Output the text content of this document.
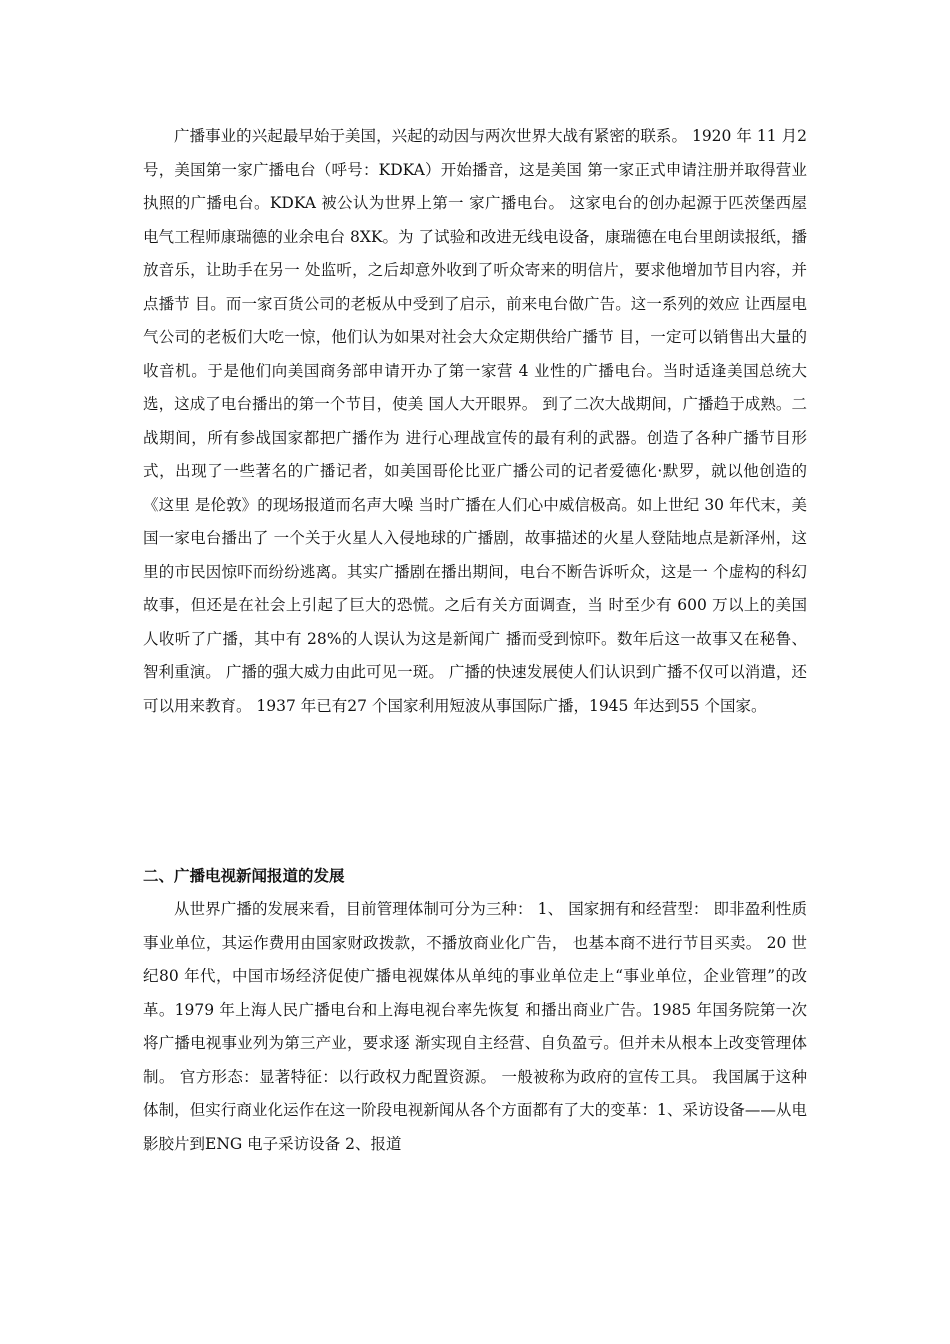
广播事业的兴起最早始于美国，兴起的动因与两次世界大战有紧密的联系。 1920 年 11 月2 号，美国第一家广播电台（呼号：KDKA）开始播音，这是美国 第一家正式申请注册并取得营业执照的广播电台。KDKA 被公认为世界上第一 家广播电台。 这家电台的创办起源于匹茨堡西屋电气工程师康瑞德的业余电台 8XK。为 了试验和改进无线电设备，康瑞德在电台里朗读报纸，播放音乐，让助手在另一 处监听，之后却意外收到了听众寄来的明信片，要求他增加节目内容，并点播节 目。而一家百货公司的老板从中受到了启示，前来电台做广告。这一系列的效应 让西屋电气公司的老板们大吃一惊，他们认为如果对社会大众定期供给广播节 目，一定可以销售出大量的收音机。于是他们向美国商务部申请开办了第一家营 4 业性的广播电台。当时适逢美国总统大选，这成了电台播出的第一个节目，使美 国人大开眼界。 到了二次大战期间，广播趋于成熟。二战期间，所有参战国家都把广播作为 进行心理战宣传的最有利的武器。创造了各种广播节目形式，出现了一些著名的广播记者，如美国哥伦比亚广播公司的记者爱德化·默罗，就以他创造的《这里 是伦敦》的现场报道而名声大噪 当时广播在人们心中威信极高。如上世纪 30 年代末，美国一家电台播出了 一个关于火星人入侵地球的广播剧，故事描述的火星人登陆地点是新泽州，这里的市民因惊吓而纷纷逃离。其实广播剧在播出期间，电台不断告诉听众，这是一 个虚构的科幻故事，但还是在社会上引起了巨大的恐慌。之后有关方面调查，当 时至少有 600 万以上的美国人收听了广播，其中有 28%的人误认为这是新闻广 播而受到惊吓。数年后这一故事又在秘鲁、智利重演。 广播的强大威力由此可见一斑。 广播的快速发展使人们认识到广播不仅可以消遣，还可以用来教育。 1937 年已有27 个国家利用短波从事国际广播，1945 年达到55 个国家。
二、广播电视新闻报道的发展
从世界广播的发展来看，目前管理体制可分为三种： 1、 国家拥有和经营型： 即非盈利性质事业单位，其运作费用由国家财政拨款，不播放商业化广告， 也基本商不进行节目买卖。 20 世纪80 年代，中国市场经济促使广播电视媒体从单纯的事业单位走上“事业单位，企业管理”的改革。1979 年上海人民广播电台和上海电视台率先恢复 和播出商业广告。1985 年国务院第一次将广播电视事业列为第三产业，要求逐 渐实现自主经营、自负盈亏。但并未从根本上改变管理体制。 官方形态：显著特征：以行政权力配置资源。 一般被称为政府的宣传工具。 我国属于这种体制，但实行商业化运作在这一阶段电视新闻从各个方面都有了大的变革：1、采访设备——从电影胶片到ENG 电子采访设备 2、报道
